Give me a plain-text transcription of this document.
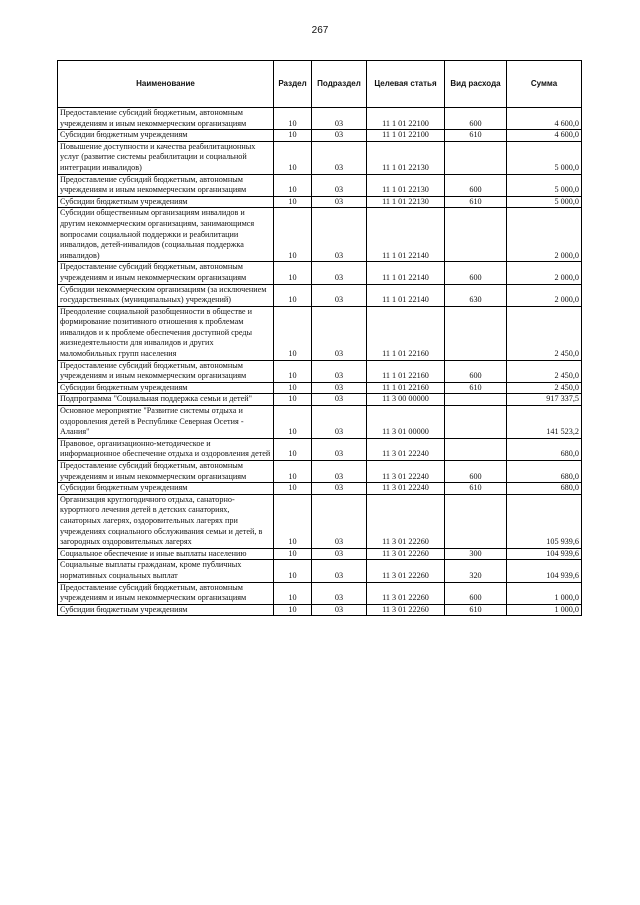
267
Наименование	Раздел	Подраздел	Целевая статья	Вид расхода	Сумма

Предоставление субсидий бюджетным, автономным учреждениям и иным некоммерческим организациям	10	03	11 1 01 22100	600	4 600,0

Субсидии бюджетным учреждениям	10	03	11 1 01 22100	610	4 600,0

Повышение доступности и качества реабилитационных услуг (развитие системы реабилитации и социальной интеграции инвалидов)	10	03	11 1 01 22130		5 000,0

Предоставление субсидий бюджетным, автономным учреждениям и иным некоммерческим организациям	10	03	11 1 01 22130	600	5 000,0

Субсидии бюджетным учреждениям	10	03	11 1 01 22130	610	5 000,0

Субсидии общественным организациям инвалидов и другим некоммерческим организациям, занимающимся вопросами социальной поддержки и реабилитации инвалидов, детей-инвалидов (социальная поддержка инвалидов)	10	03	11 1 01 22140		2 000,0

Предоставление субсидий бюджетным, автономным учреждениям и иным некоммерческим организациям	10	03	11 1 01 22140	600	2 000,0

Субсидии некоммерческим организациям (за исключением государственных (муниципальных) учреждений)	10	03	11 1 01 22140	630	2 000,0

Преодоление социальной разобщенности в обществе и формирование позитивного отношения к проблемам инвалидов и к проблеме обеспечения доступной среды жизнедеятельности для инвалидов и других маломобильных групп населения	10	03	11 1 01 22160		2 450,0

Предоставление субсидий бюджетным, автономным учреждениям и иным некоммерческим организациям	10	03	11 1 01 22160	600	2 450,0

Субсидии бюджетным учреждениям	10	03	11 1 01 22160	610	2 450,0

Подпрограмма "Социальная поддержка семьи и детей"	10	03	11 3 00 00000		917 337,5

Основное мероприятие "Развитие системы отдыха и оздоровления детей в Республике Северная Осетия - Алания"	10	03	11 3 01 00000		141 523,2

Правовое, организационно-методическое и информационное обеспечение отдыха и оздоровления детей	10	03	11 3 01 22240		680,0

Предоставление субсидий бюджетным, автономным учреждениям и иным некоммерческим организациям	10	03	11 3 01 22240	600	680,0

Субсидии бюджетным учреждениям	10	03	11 3 01 22240	610	680,0

Организация круглогодичного отдыха, санаторно-курортного лечения детей в детских санаториях, санаторных лагерях, оздоровительных лагерях при учреждениях социального обслуживания семьи и детей, в загородных оздоровительных лагерях	10	03	11 3 01 22260		105 939,6

Социальное обеспечение и иные выплаты населению	10	03	11 3 01 22260	300	104 939,6

Социальные выплаты гражданам, кроме публичных нормативных социальных выплат	10	03	11 3 01 22260	320	104 939,6

Предоставление субсидий бюджетным, автономным учреждениям и иным некоммерческим организациям	10	03	11 3 01 22260	600	1 000,0

Субсидии бюджетным учреждениям	10	03	11 3 01 22260	610	1 000,0
